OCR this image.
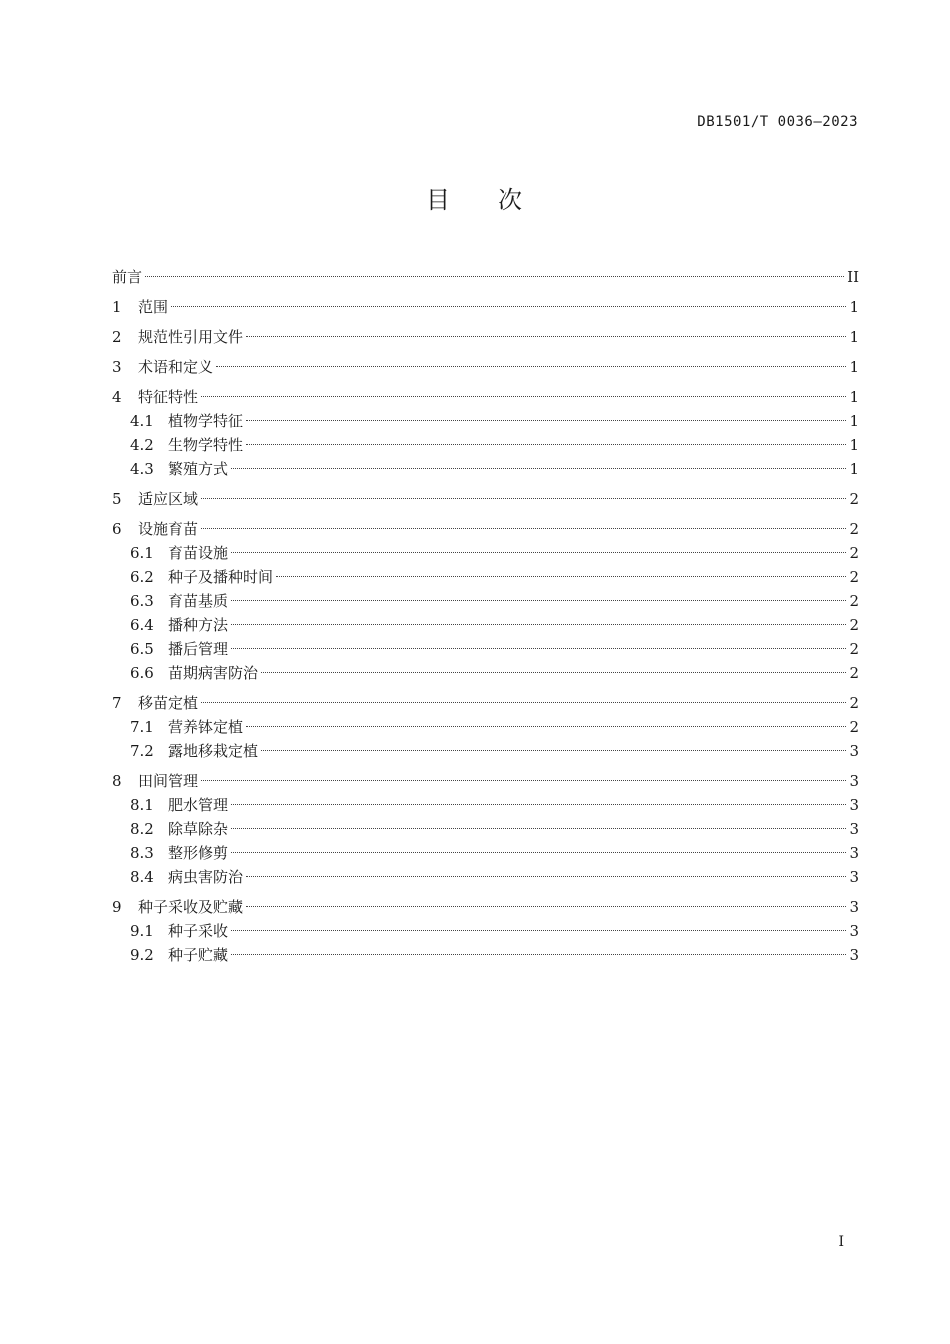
DB1501/T 0036—2023
目 次
前言	II
1	范围	1
2	规范性引用文件	1
3	术语和定义	1
4	特征特性	1
4.1 植物学特征	1
4.2 生物学特性	1
4.3 繁殖方式	1
5	适应区域	2
6	设施育苗	2
6.1 育苗设施	2
6.2 种子及播种时间	2
6.3 育苗基质	2
6.4 播种方法	2
6.5 播后管理	2
6.6 苗期病害防治	2
7	移苗定植	2
7.1 营养钵定植	2
7.2 露地移栽定植	3
8	田间管理	3
8.1 肥水管理	3
8.2 除草除杂	3
8.3 整形修剪	3
8.4 病虫害防治	3
9	种子采收及贮藏	3
9.1 种子采收	3
9.2 种子贮藏	3
I
